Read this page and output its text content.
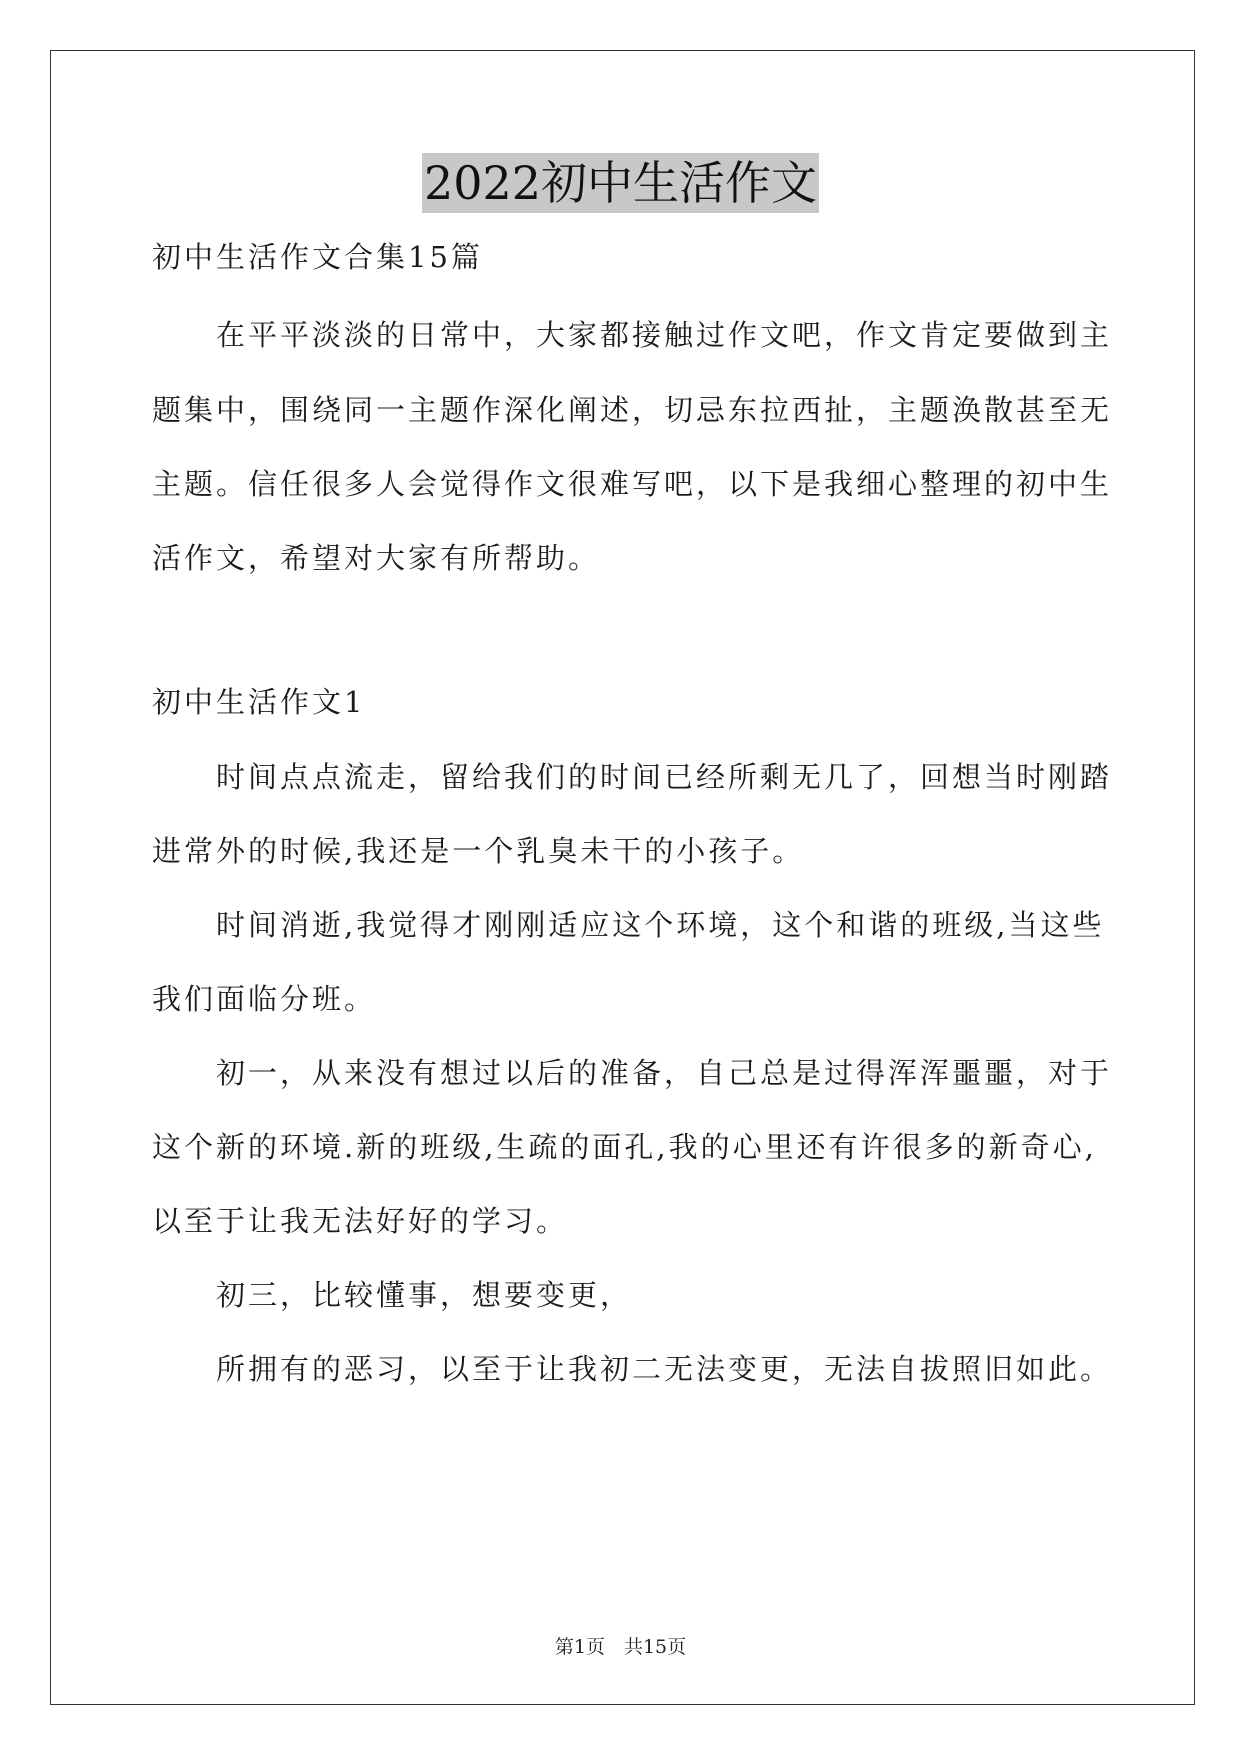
2022初中生活作文
初中生活作文合集15篇
在平平淡淡的日常中，大家都接触过作文吧，作文肯定要做到主
题集中，围绕同一主题作深化阐述，切忌东拉西扯，主题涣散甚至无
主题。信任很多人会觉得作文很难写吧，以下是我细心整理的初中生
活作文，希望对大家有所帮助。
初中生活作文1
时间点点流走，留给我们的时间已经所剩无几了，回想当时刚踏
进常外的时候,我还是一个乳臭未干的小孩子。
时间消逝,我觉得才刚刚适应这个环境，这个和谐的班级,当这些
我们面临分班。
初一，从来没有想过以后的准备，自己总是过得浑浑噩噩，对于
这个新的环境.新的班级,生疏的面孔,我的心里还有许很多的新奇心,
以至于让我无法好好的学习。
初三，比较懂事，想要变更，
所拥有的恶习，以至于让我初二无法变更，无法自拔照旧如此。
第1页　共15页
